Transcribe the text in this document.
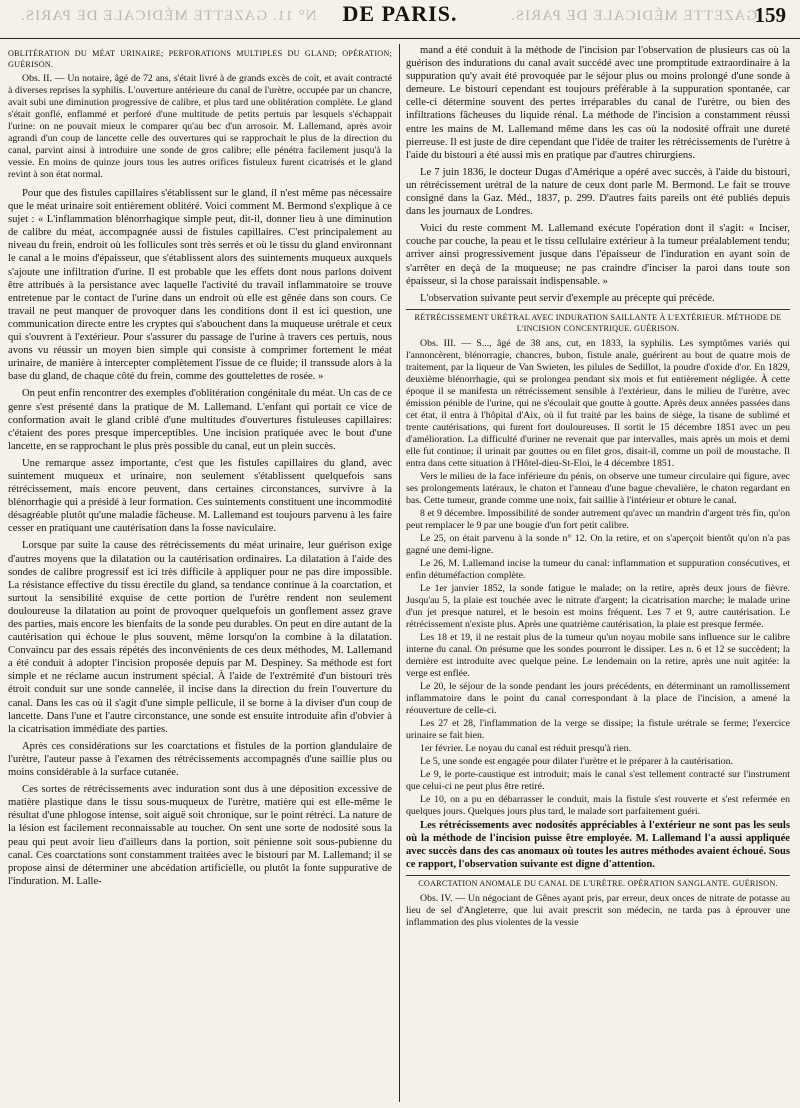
N° 11. GAZETTE MÉDICALE DE PARIS.	DE PARIS.	GAZETTE MÉDICALE DE PARIS.
159
OBLITÉRATION DU MÉAT URINAIRE; PERFORATIONS MULTIPLES DU GLAND; OPÉRATION; GUÉRISON.

Obs. II. — Un notaire, âgé de 72 ans, s'était livré à de grands excès de coït, et avait contracté à diverses reprises la syphilis. L'ouverture antérieure du canal de l'urètre, occupée par un chancre, avait subi une diminution progressive de calibre, et plus tard une oblitération complète. Le gland s'était gonflé, enflammé et perforé d'une multitude de petits pertuis par lesquels s'échappait l'urine: on ne pouvait mieux le comparer qu'au bec d'un arrosoir. M. Lallemand, après avoir agrandi d'un coup de lancette celle des ouvertures qui se rapprochait le plus de la direction du canal, parvint ainsi à introduire une sonde de gros calibre; elle pénétra facilement jusqu'à la vessie. En moins de quinze jours tous les autres orifices fistuleux furent cicatrisés et le gland revint à son état normal.

Pour que des fistules capillaires s'établissent sur le gland, il n'est même pas nécessaire que le méat urinaire soit entièrement oblitéré. Voici comment M. Bermond s'explique à ce sujet : « L'inflammation blénorrhagique simple peut, dit-il, donner lieu à une diminution de calibre du méat, accompagnée aussi de fistules capillaires. C'est principalement au niveau du frein, endroit où les follicules sont très serrés et où le tissu du gland environnant le canal a le moins d'épaisseur, que s'établissent alors des suintements muqueux auxquels s'ajoute une infiltration d'urine. Il est probable que les effets dont nous parlons doivent être attribués à la persistance avec laquelle l'activité du travail inflammatoire se trouve entretenue par le contact de l'urine dans un endroit où elle est gênée dans son cours. Ce travail ne peut manquer de provoquer dans les conditions dont il est ici question, une communication directe entre les cryptes qui s'abouchent dans la muqueuse urétrale et ceux qui s'ouvrent à l'extérieur. Pour s'assurer du passage de l'urine à travers ces pertuis, nous avons vu réussir un moyen bien simple qui consiste à comprimer fortement le méat urinaire, de manière à intercepter complètement l'issue de ce fluide; il transsude alors à la base du gland, de chaque côté du frein, comme des gouttelettes de rosée. »

On peut enfin rencontrer des exemples d'oblitération congénitale du méat. Un cas de ce genre s'est présenté dans la pratique de M. Lallemand. L'enfant qui portait ce vice de conformation avait le gland criblé d'une multitudes d'ouvertures fistuleuses capillaires: c'étaient des pores presque imperceptibles. Une incision pratiquée avec le bout d'une lancette, en se rapprochant le plus près possible du canal, eut un plein succès.

Une remarque assez importante, c'est que les fistules capillaires du gland, avec suintement muqueux et urinaire, non seulement s'établissent quelquefois sans rétrécissement, mais encore peuvent, dans certaines circonstances, survivre à la blénorrhagie qui a présidé à leur formation. Ces suintements constituent une incommodité désagréable plutôt qu'une maladie fâcheuse. M. Lallemand est toujours parvenu à les faire cesser en pratiquant une cautérisation dans la fosse naviculaire.

Lorsque par suite la cause des rétrécissements du méat urinaire, leur guérison exige d'autres moyens que la dilatation ou la cautérisation ordinaires. La dilatation à l'aide des sondes de calibre progressif est ici très difficile à appliquer pour ne pas dire impossible. La résistance effective du tissu érectile du gland, sa tendance continue à la coarctation, et surtout la sensibilité exquise de cette portion de l'urètre rendent non seulement douloureuse la dilatation au point de provoquer quelquefois un gonflement assez grave des parties, mais encore les bienfaits de la sonde peu durables. On peut en dire autant de la cautérisation qui échoue le plus souvent, même lorsqu'on la combine à la dilatation. Convaincu par des essais répétés des inconvénients de ces deux méthodes, M. Lallemand a été conduit à adopter l'incision proposée depuis par M. Despiney. Sa méthode est fort simple et ne réclame aucun instrument spécial. À l'aide de l'extrémité d'un bistouri très étroit conduit sur une sonde cannelée, il incise dans la direction du frein l'ouverture du canal. Dans les cas où il s'agit d'une simple pellicule, il se borne à la diviser d'un coup de lancette. Dans l'une et l'autre circonstance, une sonde est ensuite introduite afin d'obvier à la cicatrisation immédiate des parties.

Après ces considérations sur les coarctations et fistules de la portion glandulaire de l'urètre, l'auteur passe à l'examen des rétrécissements accompagnés d'une saillie plus ou moins considérable à la surface cutanée.

Ces sortes de rétrécissements avec induration sont dus à une déposition excessive de matière plastique dans le tissu sous-muqueux de l'urètre, matière qui est elle-même le résultat d'une phlogose intense, soit aiguë soit chronique, sur le point rétréci. La nature de la lésion est facilement reconnaissable au toucher. On sent une sorte de nodosité sous la peau qui peut avoir lieu d'ailleurs dans la portion, soit pénienne soit sous-pubienne du canal. Ces coarctations sont constamment traitées avec le bistouri par M. Lallemand; il se propose ainsi de déterminer une abcédation artificielle, ou plutôt la fonte suppurative de l'induration. M. Lalle-

mand a été conduit à la méthode de l'incision par l'observation de plusieurs cas où la guérison des indurations du canal avait succédé avec une promptitude extraordinaire à la suppuration qu'y avait été provoquée par le séjour plus ou moins prolongé d'une sonde à demeure. Le bistouri cependant est toujours préférable à la suppuration spontanée, car celle-ci détermine souvent des pertes irréparables du canal de l'urètre, ou bien des infiltrations fâcheuses du liquide rénal. La méthode de l'incision a constamment réussi entre les mains de M. Lallemand même dans les cas où la nodosité offrait une dureté pierreuse. Il est juste de dire cependant que l'idée de traiter les rétrécissements de l'urètre à l'aide du bistouri a été aussi mis en pratique par d'autres chirurgiens.

Le 7 juin 1836, le docteur Dugas d'Amérique a opéré avec succès, à l'aide du bistouri, un rétrécissement urétral de la nature de ceux dont parle M. Bermond. Le fait se trouve consigné dans la Gaz. Méd., 1837, p. 299. D'autres faits pareils ont été publiés depuis dans les journaux de Londres.

Voici du reste comment M. Lallemand exécute l'opération dont il s'agit: « Inciser, couche par couche, la peau et le tissu cellulaire extérieur à la tumeur préalablement tendu; arriver ainsi progressivement jusque dans l'épaisseur de l'induration en ayant soin de s'arrêter en deçà de la muqueuse; ne pas craindre d'inciser la paroi dans toute son épaisseur, si la chose paraissait indispensable. »

L'observation suivante peut servir d'exemple au précepte qui précède.

RÉTRÉCISSEMENT URÉTRAL AVEC INDURATION SAILLANTE À L'EXTÉRIEUR. MÉTHODE DE L'INCISION CONCENTRIQUE. GUÉRISON.

Obs. III. — S..., âgé de 38 ans, cut, en 1833, la syphilis. Les symptômes variés qui l'annoncèrent, blénorragie, chancres, bubon, fistule anale, guérirent au bout de quatre mois de traitement, par la liqueur de Van Swieten, les pilules de Sedillot, la poudre d'oxide d'or. En 1829, deuxième blénorrhagie, qui se prolongea pendant six mois et fut entièrement négligée. À cette époque il se manifesta un rétrécissement sensible à l'extérieur, dans le milieu de l'urètre, avec émission pénible de l'urine, qui ne s'écoulait que goutte à goutte. Après deux années passées dans cet état, il entra à l'hôpital d'Aix, où il fut traité par les bains de siège, la tisane de sublimé et trente cautérisations, qui furent fort douloureuses. Il sortit le 15 décembre 1851 avec un peu d'amélioration. La difficulté d'uriner ne revenait que par intervalles, mais après un mois et demi elle fut continue; il urinait par gouttes ou en filet gros, disait-il, comme un poil de moustache. Il entra dans cette situation à l'Hôtel-dieu-St-Eloi, le 4 décembre 1851.

Vers le milieu de la face inférieure du pénis, on observe une tumeur circulaire qui figure, avec ses prolongements latéraux, le chaton et l'anneau d'une bague chevalière, le chaton regardant en bas. Cette tumeur, grande comme une noix, fait saillie à l'intérieur et obture le canal.

8 et 9 décembre. Impossibilité de sonder autrement qu'avec un mandrin d'argent très fin, qu'on peut remplacer le 9 par une bougie d'un fort petit calibre.

Le 25, on était parvenu à la sonde n° 12. On la retire, et on s'aperçoit bientôt qu'on n'a pas gagné une demi-ligne.

Le 26, M. Lallemand incise la tumeur du canal: inflammation et suppuration consécutives, et enfin détuméfaction complète.

Le 1er janvier 1852, la sonde fatigue le malade; on la retire, après deux jours de fièvre. Jusqu'au 5, la plaie est touchée avec le nitrate d'argent; la cicatrisation marche; le malade urine d'un jet presque naturel, et le besoin est moins fréquent. Les 7 et 9, autre cautérisation. Le rétrécissement n'existe plus. Après une quatrième cautérisation, la plaie est presque fermée.

Les 18 et 19, il ne restait plus de la tumeur qu'un noyau mobile sans influence sur le calibre interne du canal. On présume que les sondes pourront le dissiper. Les n. 6 et 12 se succèdent; la dernière est introduite avec quelque peine. Le lendemain on la retire, après une nuit agitée: la verge est enflée.

Le 20, le séjour de la sonde pendant les jours précédents, en déterminant un ramollissement inflammatoire dans le point du canal correspondant à la place de l'incision, a amené la réouverture de celle-ci.

Les 27 et 28, l'inflammation de la verge se dissipe; la fistule urétrale se ferme; l'exercice urinaire se fait bien.

1er février. Le noyau du canal est réduit presqu'à rien.

Le 5, une sonde est engagée pour dilater l'urètre et le préparer à la cautérisation.

Le 9, le porte-caustique est introduit; mais le canal s'est tellement contracté sur l'instrument que celui-ci ne peut plus être retiré.

Le 10, on a pu en débarrasser le conduit, mais la fistule s'est rouverte et s'est refermée en quelques jours. Quelques jours plus tard, le malade sort parfaitement guéri.

Les rétrécissements avec nodosités appréciables à l'extérieur ne sont pas les seuls où la méthode de l'incision puisse être employée. M. Lallemand l'a aussi appliquée avec succès dans des cas anomaux où toutes les autres méthodes avaient échoué. Sous ce rapport, l'observation suivante est digne d'attention.

COARCTATION ANOMALE DU CANAL DE L'URÈTRE. OPÉRATION SANGLANTE. GUÉRISON.

Obs. IV. — Un négociant de Gênes ayant pris, par erreur, deux onces de nitrate de potasse au lieu de sel d'Angleterre, que lui avait prescrit son médecin, ne tarda pas à éprouver une inflammation des plus violentes de la vessie
